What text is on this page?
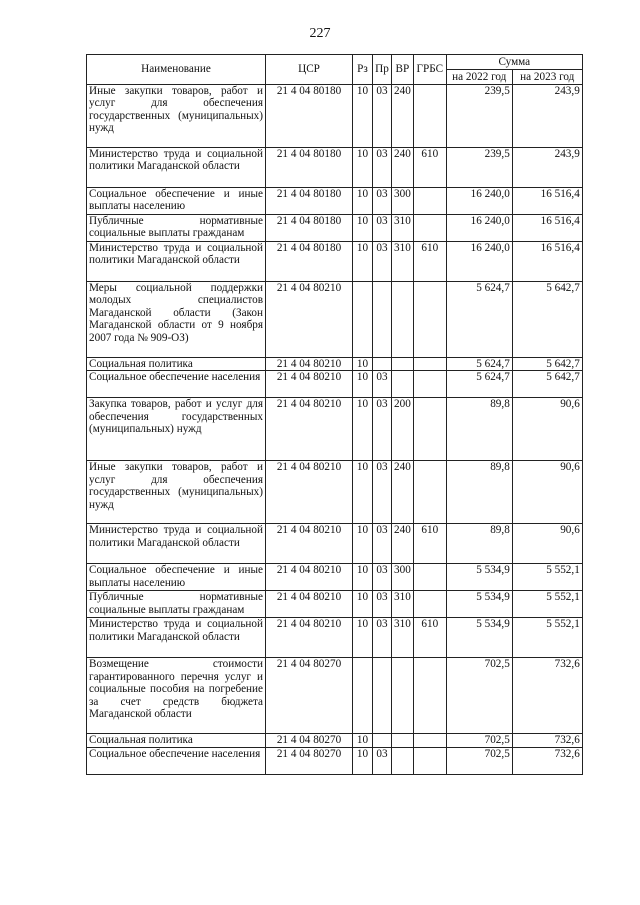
227
Наименование	ЦСР	Рз	Пр	ВР	ГРБС	Сумма	
						на 2022 год	на 2023 год
Иные закупки товаров, работ и услуг для обеспечения государственных (муниципальных) нужд	21 4 04 80180	10	03	240		239,5	243,9
Министерство труда и социальной политики Магаданской области	21 4 04 80180	10	03	240	610	239,5	243,9
Социальное обеспечение и иные выплаты населению	21 4 04 80180	10	03	300		16 240,0	16 516,4
Публичные нормативные социальные выплаты гражданам	21 4 04 80180	10	03	310		16 240,0	16 516,4
Министерство труда и социальной политики Магаданской области	21 4 04 80180	10	03	310	610	16 240,0	16 516,4
Меры социальной поддержки молодых специалистов Магаданской области (Закон Магаданской области от 9 ноября 2007 года № 909-ОЗ)	21 4 04 80210					5 624,7	5 642,7
Социальная политика	21 4 04 80210	10				5 624,7	5 642,7
Социальное обеспечение населения	21 4 04 80210	10	03			5 624,7	5 642,7
Закупка товаров, работ и услуг для обеспечения государственных (муниципальных) нужд	21 4 04 80210	10	03	200		89,8	90,6
Иные закупки товаров, работ и услуг для обеспечения государственных (муниципальных) нужд	21 4 04 80210	10	03	240		89,8	90,6
Министерство труда и социальной политики Магаданской области	21 4 04 80210	10	03	240	610	89,8	90,6
Социальное обеспечение и иные выплаты населению	21 4 04 80210	10	03	300		5 534,9	5 552,1
Публичные нормативные социальные выплаты гражданам	21 4 04 80210	10	03	310		5 534,9	5 552,1
Министерство труда и социальной политики Магаданской области	21 4 04 80210	10	03	310	610	5 534,9	5 552,1
Возмещение стоимости гарантированного перечня услуг и социальные пособия на погребение за счет средств бюджета Магаданской области	21 4 04 80270					702,5	732,6
Социальная политика	21 4 04 80270	10				702,5	732,6
Социальное обеспечение населения	21 4 04 80270	10	03			702,5	732,6
